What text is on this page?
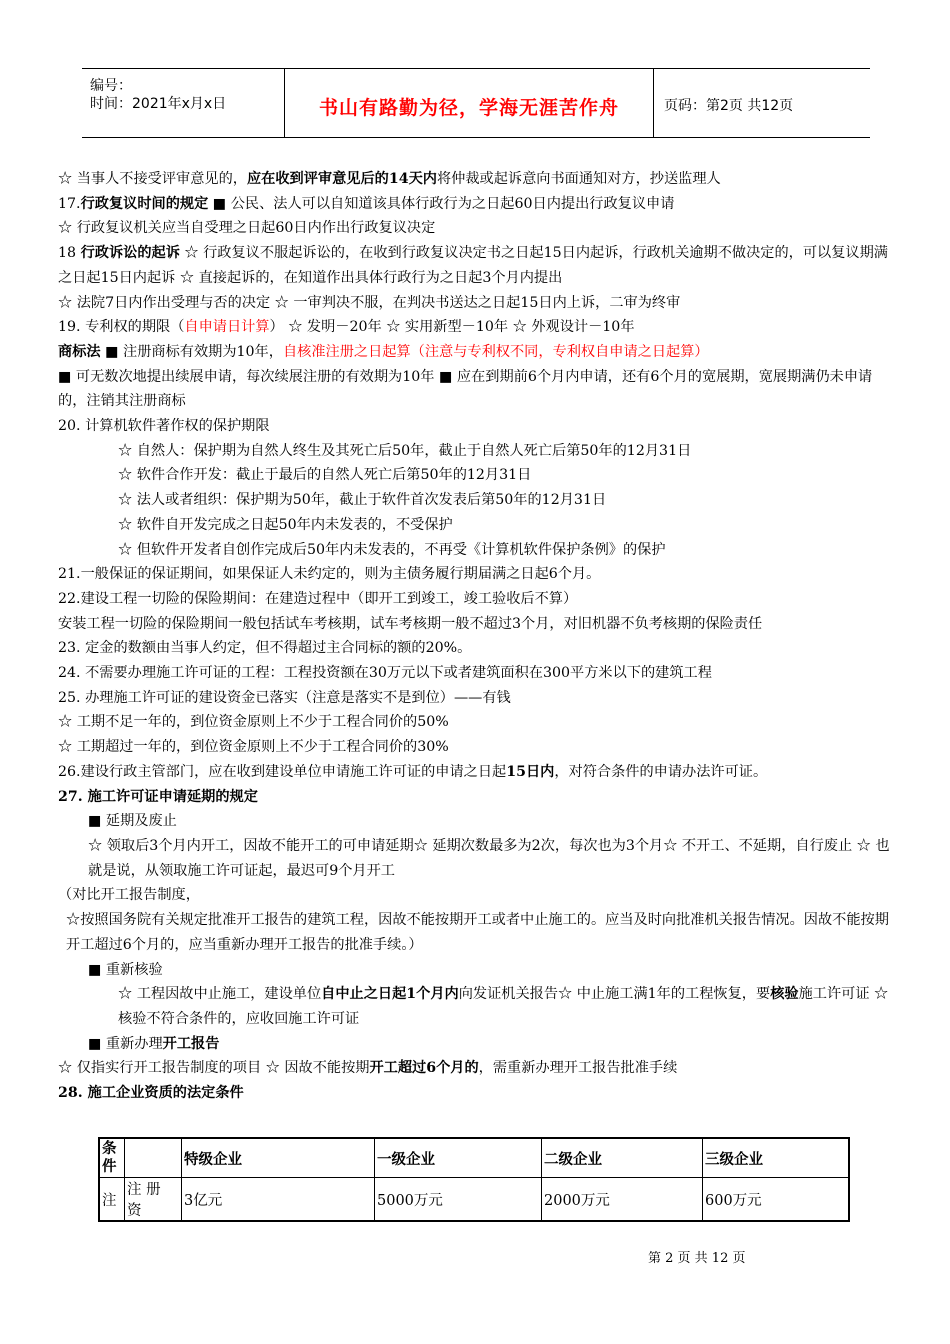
编号：
时间：2021年x月x日	书山有路勤为径，学海无涯苦作舟	页码：第2页 共12页

☆ 当事人不接受评审意见的，应在收到评审意见后的14天内将仲裁或起诉意向书面通知对方，抄送监理人

17.行政复议时间的规定 ■ 公民、法人可以自知道该具体行政行为之日起60日内提出行政复议申请

☆ 行政复议机关应当自受理之日起60日内作出行政复议决定

18 行政诉讼的起诉 ☆ 行政复议不服起诉讼的，在收到行政复议决定书之日起15日内起诉，行政机关逾期不做决定的，可以复议期满之日起15日内起诉 ☆ 直接起诉的，在知道作出具体行政行为之日起3个月内提出

☆ 法院7日内作出受理与否的决定 ☆ 一审判决不服，在判决书送达之日起15日内上诉，二审为终审

19. 专利权的期限（自申请日计算） ☆ 发明－20年 ☆ 实用新型－10年 ☆ 外观设计－10年

商标法 ■ 注册商标有效期为10年，自核准注册之日起算（注意与专利权不同，专利权自申请之日起算）

■ 可无数次地提出续展申请，每次续展注册的有效期为10年 ■ 应在到期前6个月内申请，还有6个月的宽展期，宽展期满仍未申请的，注销其注册商标

20. 计算机软件著作权的保护期限

☆ 自然人：保护期为自然人终生及其死亡后50年，截止于自然人死亡后第50年的12月31日

☆ 软件合作开发：截止于最后的自然人死亡后第50年的12月31日

☆ 法人或者组织：保护期为50年，截止于软件首次发表后第50年的12月31日

☆ 软件自开发完成之日起50年内未发表的，不受保护

☆ 但软件开发者自创作完成后50年内未发表的，不再受《计算机软件保护条例》的保护

21.一般保证的保证期间，如果保证人未约定的，则为主债务履行期届满之日起6个月。

22.建设工程一切险的保险期间：在建造过程中（即开工到竣工，竣工验收后不算）

安装工程一切险的保险期间一般包括试车考核期，试车考核期一般不超过3个月，对旧机器不负考核期的保险责任

23. 定金的数额由当事人约定，但不得超过主合同标的额的20%。

24. 不需要办理施工许可证的工程：工程投资额在30万元以下或者建筑面积在300平方米以下的建筑工程

25. 办理施工许可证的建设资金已落实（注意是落实不是到位）——有钱

☆ 工期不足一年的，到位资金原则上不少于工程合同价的50%

☆ 工期超过一年的，到位资金原则上不少于工程合同价的30%

26.建设行政主管部门，应在收到建设单位申请施工许可证的申请之日起15日内，对符合条件的申请办法许可证。

27. 施工许可证申请延期的规定

■ 延期及废止

☆ 领取后3个月内开工，因故不能开工的可申请延期☆ 延期次数最多为2次，每次也为3个月☆ 不开工、不延期，自行废止 ☆ 也就是说，从领取施工许可证起，最迟可9个月开工

（对比开工报告制度，

☆按照国务院有关规定批准开工报告的建筑工程，因故不能按期开工或者中止施工的。应当及时向批准机关报告情况。因故不能按期开工超过6个月的，应当重新办理开工报告的批准手续。）

■ 重新核验

☆ 工程因故中止施工，建设单位自中止之日起1个月内向发证机关报告☆ 中止施工满1年的工程恢复，要核验施工许可证 ☆ 核验不符合条件的，应收回施工许可证

■ 重新办理开工报告

☆ 仅指实行开工报告制度的项目 ☆ 因故不能按期开工超过6个月的，需重新办理开工报告批准手续

28. 施工企业资质的法定条件

条件		特级企业	一级企业	二级企业	三级企业
注	注 册 资	3亿元	5000万元	2000万元	600万元
第 2 页 共 12 页
